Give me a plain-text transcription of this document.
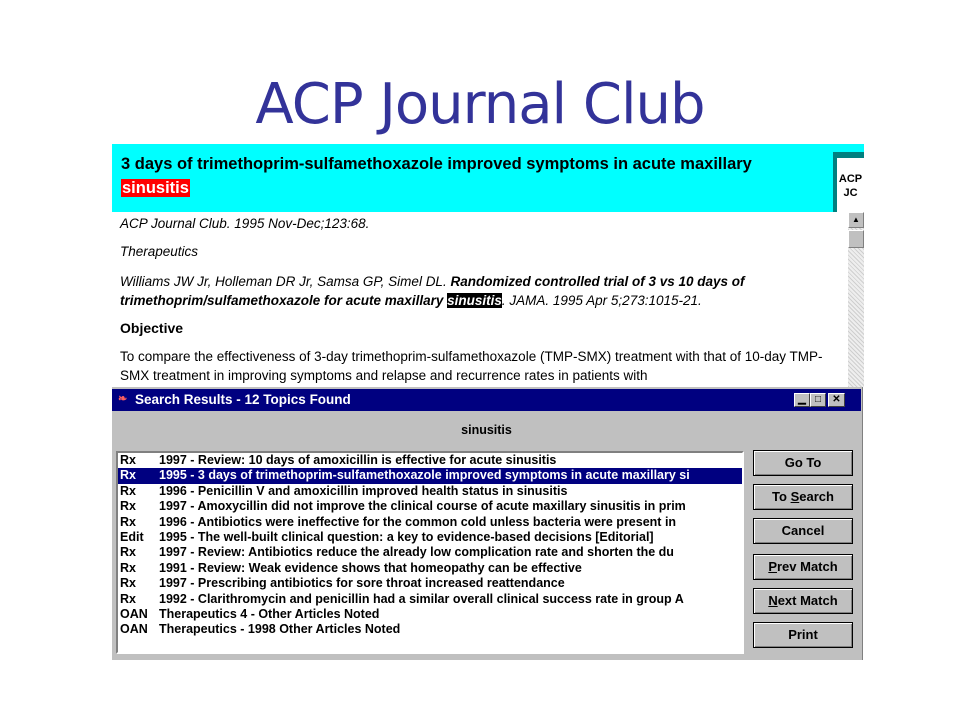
ACP Journal Club
3 days of trimethoprim-sulfamethoxazole improved symptoms in acute maxillary sinusitis	ACP
JC

ACP Journal Club. 1995 Nov-Dec;123:68.

Therapeutics

Williams JW Jr, Holleman DR Jr, Samsa GP, Simel DL. Randomized controlled trial of 3 vs 10 days of trimethoprim/sulfamethoxazole for acute maxillary sinusitis. JAMA. 1995 Apr 5;273:1015-21.

Objective

To compare the effectiveness of 3-day trimethoprim-sulfamethoxazole (TMP-SMX) treatment with that of 10-day TMP-SMX treatment in improving symptoms and relapse and recurrence rates in patients with

▲
❧ Search Results - 12 Topics Found	▁ □	✕
sinusitis
Rx	1997 - Review: 10 days of amoxicillin is effective for acute sinusitis
Rx	1995 - 3 days of trimethoprim-sulfamethoxazole improved symptoms in acute maxillary si
Rx	1996 - Penicillin V and amoxicillin improved health status in sinusitis
Rx	1997 - Amoxycillin did not improve the clinical course of acute maxillary sinusitis in prim
Rx	1996 - Antibiotics were ineffective for the common cold unless bacteria were present in
Edit	1995 - The well-built clinical question: a key to evidence-based decisions [Editorial]
Rx	1997 - Review: Antibiotics reduce the already low complication rate and shorten the du
Rx	1991 - Review: Weak evidence shows that homeopathy can be effective
Rx	1997 - Prescribing antibiotics for sore throat increased reattendance
Rx	1992 - Clarithromycin and penicillin had a similar overall clinical success rate in group A
OAN Therapeutics 4 - Other Articles Noted
OAN Therapeutics - 1998 Other Articles Noted
Go To
To Search
Cancel
Prev Match
Next Match
Print
